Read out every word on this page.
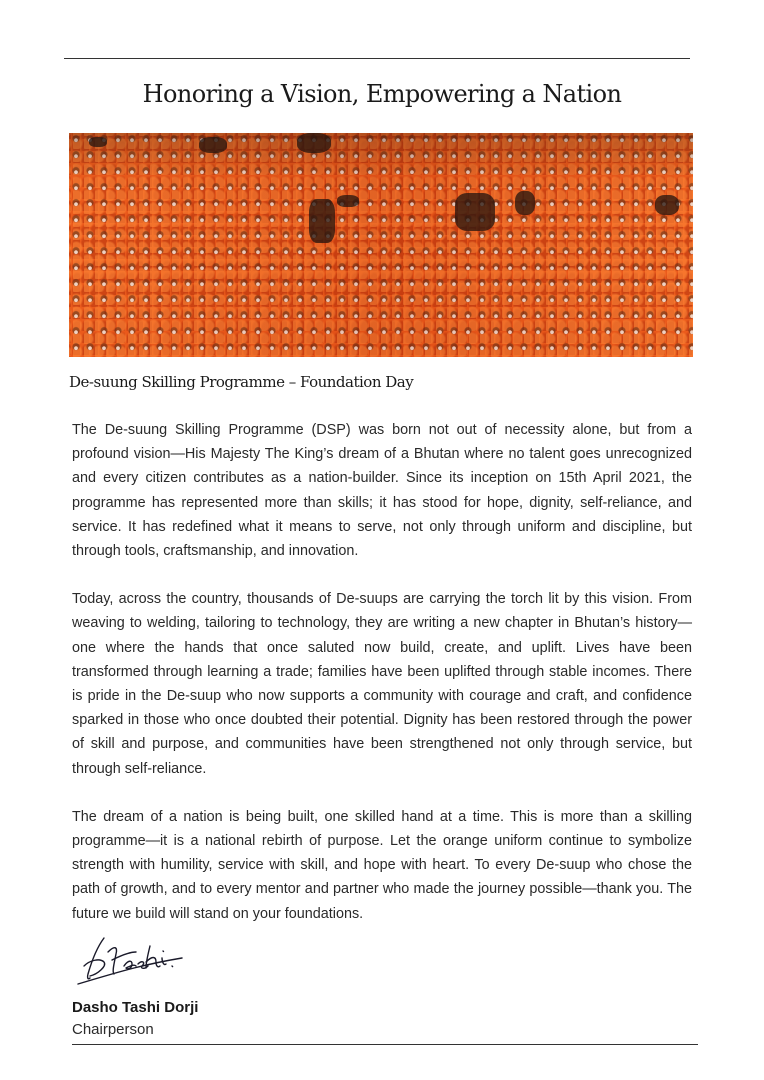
Honoring a Vision, Empowering a Nation
De-suung Skilling Programme – Foundation Day

The De-suung Skilling Programme (DSP) was born not out of necessity alone, but from a profound vision—His Majesty The King’s dream of a Bhutan where no talent goes unrecognized and every citizen contributes as a nation-builder. Since its inception on 15th April 2021, the programme has represented more than skills; it has stood for hope, dignity, self-reliance, and service. It has redefined what it means to serve, not only through uniform and discipline, but through tools, craftsmanship, and innovation.

Today, across the country, thousands of De-suups are carrying the torch lit by this vision. From weaving to welding, tailoring to technology, they are writing a new chapter in Bhutan’s history—one where the hands that once saluted now build, create, and uplift. Lives have been transformed through learning a trade; families have been uplifted through stable incomes. There is pride in the De-suup who now supports a community with courage and craft, and confidence sparked in those who once doubted their potential. Dignity has been restored through the power of skill and purpose, and communities have been strengthened not only through service, but through self-reliance.

The dream of a nation is being built, one skilled hand at a time. This is more than a skilling programme—it is a national rebirth of purpose. Let the orange uniform continue to symbolize strength with humility, service with skill, and hope with heart. To every De-suup who chose the path of growth, and to every mentor and partner who made the journey possible—thank you. The future we build will stand on your foundations.

Dasho Tashi Dorji
Chairperson
